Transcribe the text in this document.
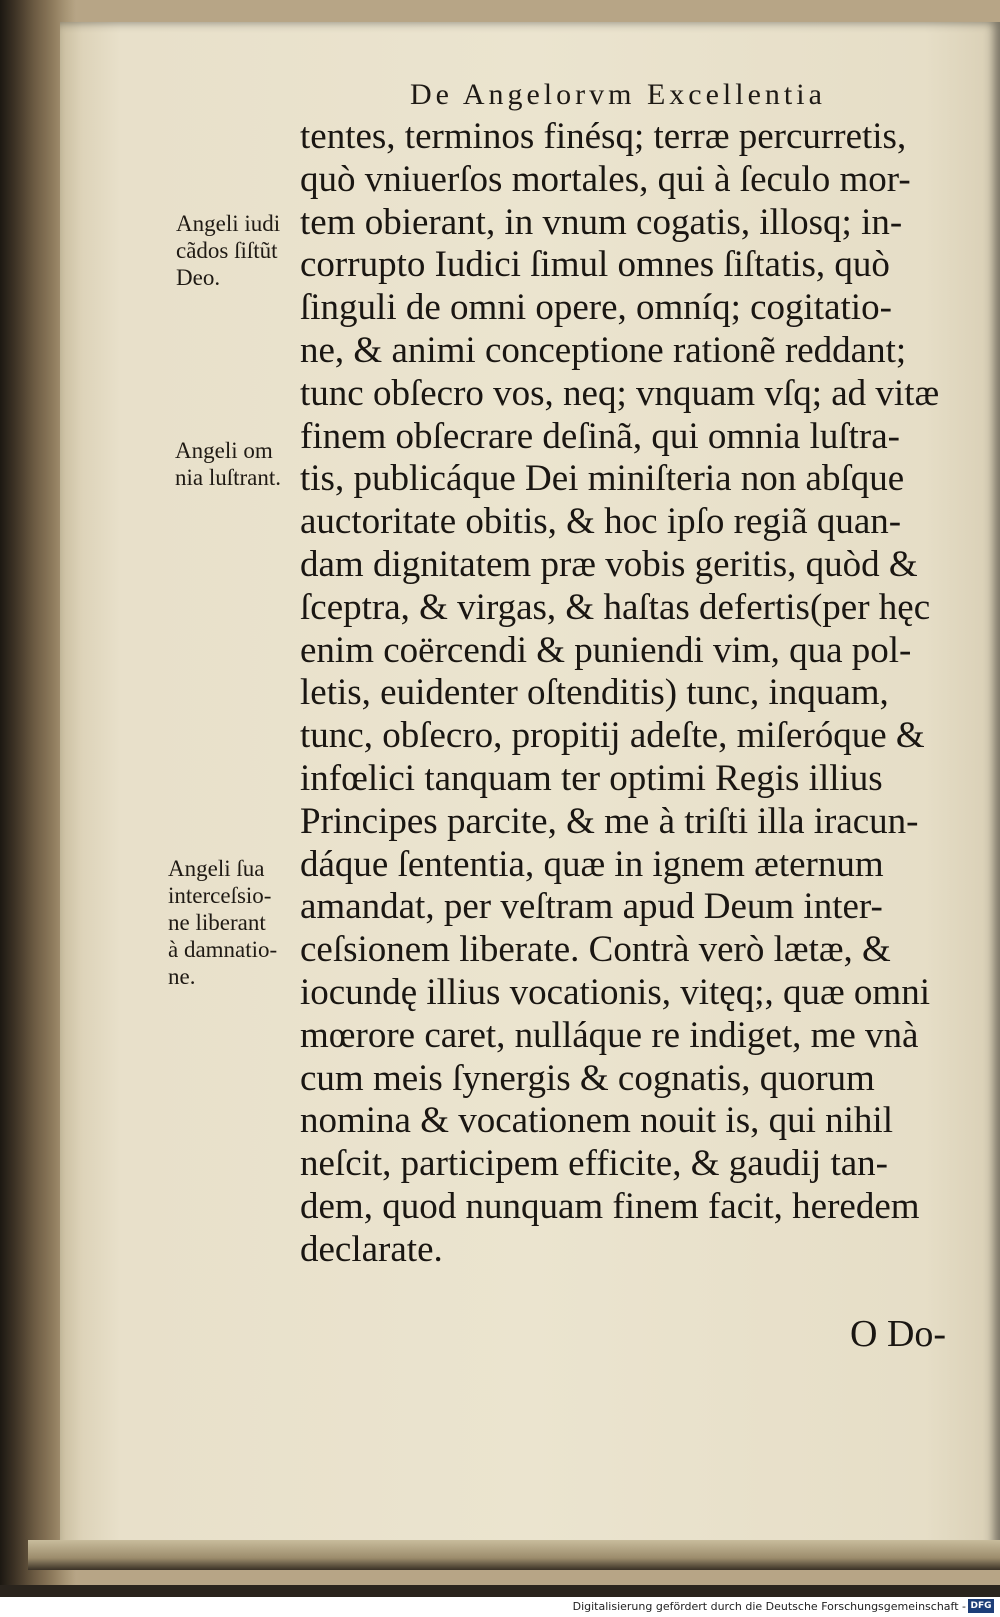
De Angelorvm Excellentia
tentes, terminos finésq; terræ percurretis,
quò vniuerſos mortales, qui à ſeculo mor-
tem obierant, in vnum cogatis, illosq; in-
corrupto Iudici ſimul omnes ſiſtatis, quò
ſinguli de omni opere, omníq; cogitatio-
ne, & animi conceptione rationẽ reddant;
tunc obſecro vos, neq; vnquam vſq; ad vitæ
finem obſecrare deſinã, qui omnia luſtra-
tis, publicáque Dei miniſteria non abſque
auctoritate obitis, & hoc ipſo regiã quan-
dam dignitatem præ vobis geritis, quòd &
ſceptra, & virgas, & haſtas defertis(per hęc
enim coërcendi & puniendi vim, qua pol-
letis, euidenter oſtenditis) tunc, inquam,
tunc, obſecro, propitij adeſte, miſeróque &
infœlici tanquam ter optimi Regis illius
Principes parcite, & me à triſti illa iracun-
dáque ſententia, quæ in ignem æternum
amandat, per veſtram apud Deum inter-
ceſsionem liberate. Contrà verò lætæ, &
iocundę illius vocationis, vitęq;, quæ omni
mœrore caret, nulláque re indiget, me vnà
cum meis ſynergis & cognatis, quorum
nomina & vocationem nouit is, qui nihil
neſcit, participem efficite, & gaudij tan-
dem, quod nunquam finem facit, heredem
declarate.
O Do-
Angeli iudi
cãdos ſiſtũt
Deo.
Angeli om
nia luſtrant.
Angeli ſua
interceſsio-
ne liberant
à damnatio-
ne.
Digitalisierung gefördert durch die Deutsche Forschungsgemeinschaft - DFG
